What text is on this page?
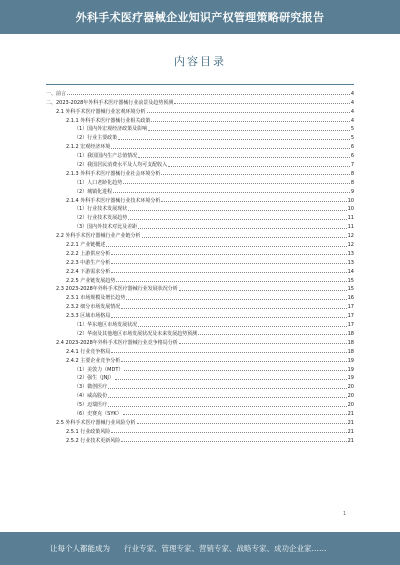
外科手术医疗器械企业知识产权管理策略研究报告
内容目录
一、前言	4
二、2023-2028年外科手术医疗器械行业前景及趋势预测	4
2.1 外科手术医疗器械行业宏观环境分析	4
2.1.1 外科手术医疗器械行业相关政策	4
（1）国内外宏观经济政策及影响	5
（2）行业主要政策	5
2.1.2 宏观经济环境	6
（1）我国国内生产总值情况	6
（2）我国居民消费水平及人均可支配收入	7
2.1.3 外科手术医疗器械行业社会环境分析	8
（1）人口老龄化趋势	8
（2）城镇化进程	9
2.1.4 外科手术医疗器械行业技术环境分析	10
（1）行业技术发展现状	10
（2）行业技术发展趋势	11
（3）国内外技术对比及差距	11
2.2 外科手术医疗器械行业产业链分析	12
2.2.1 产业链概述	12
2.2.2 上游供应分析	13
2.2.3 中游生产分析	13
2.2.4 下游需求分析	14
2.2.5 产业链发展趋势	15
2.3 2023-2028年外科手术医疗器械行业发展状况分析	15
2.3.1 市场规模及增长趋势	16
2.3.2 细分市场发展情况	17
2.3.3 区域市场格局	17
（1）华东地区市场发展状况	17
（2）华南及其他地区市场发展状况及未来发展趋势预测	18
2.4 2023-2028年外科手术医疗器械行业竞争格局分析	18
2.4.1 行业竞争格局	18
2.4.2 主要企业竞争分析	19
（1）美敦力（MDT）	19
（2）强生（JNJ）	19
（3）微创医疗	20
（4）威高股份	20
（5）迈瑞医疗	20
（6）史赛克（SYK）	21
2.5 外科手术医疗器械行业风险分析	21
2.5.1 行业政策风险	21
2.5.2 行业技术更新风险	21
1
让每个人都能成为 行业专家、管理专家、营销专家、战略专家、成功企业家……
